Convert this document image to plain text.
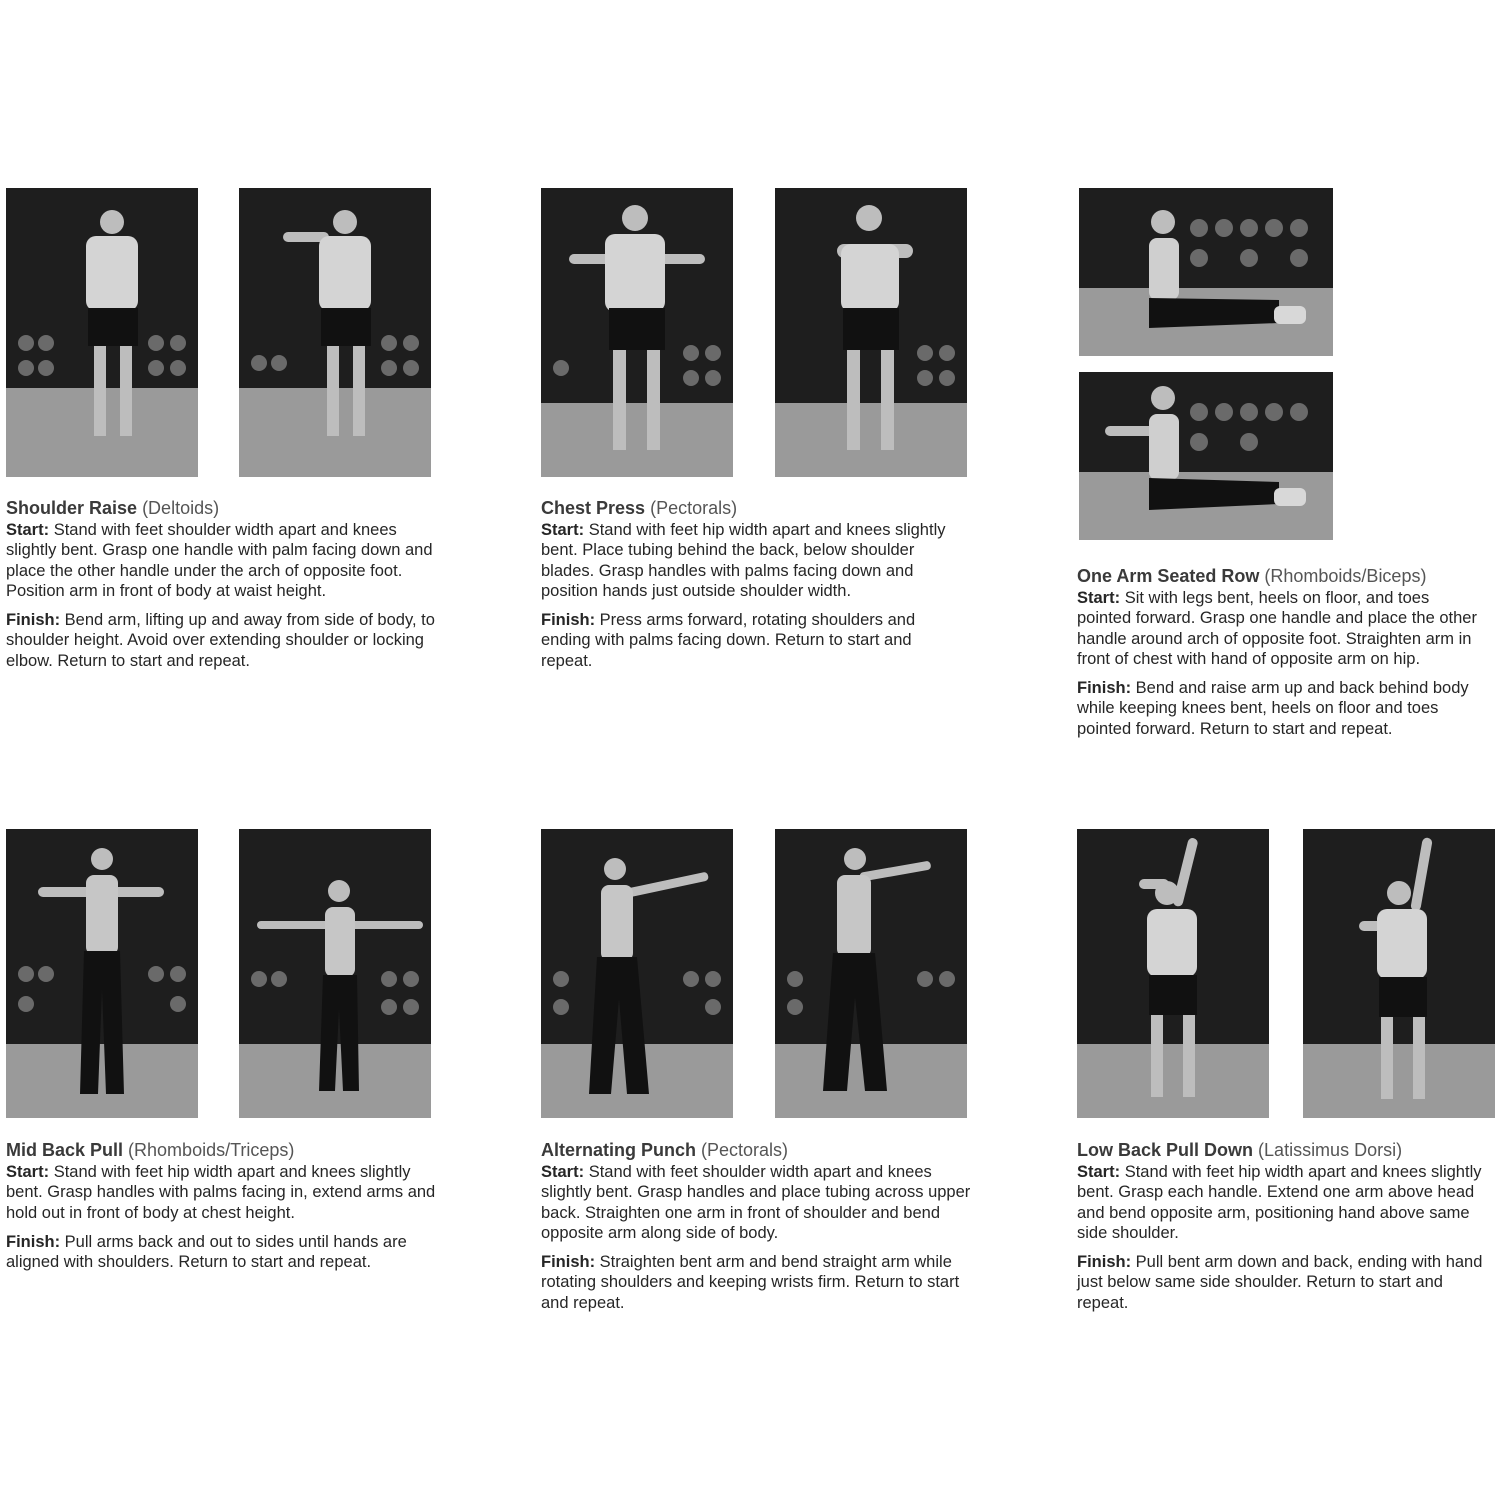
Shoulder Raise (Deltoids)

Start: Stand with feet shoulder width apart and knees slightly bent. Grasp one handle with palm facing down and place the other handle under the arch of opposite foot. Position arm in front of body at waist height.

Finish: Bend arm, lifting up and away from side of body, to shoulder height. Avoid over extending shoulder or locking elbow. Return to start and repeat.

Chest Press (Pectorals)

Start: Stand with feet hip width apart and knees slightly bent. Place tubing behind the back, below shoulder blades. Grasp handles with palms facing down and position hands just outside shoulder width.

Finish: Press arms forward, rotating shoulders and ending with palms facing down. Return to start and repeat.

One Arm Seated Row (Rhomboids/Biceps)

Start: Sit with legs bent, heels on floor, and toes pointed forward. Grasp one handle and place the other handle around arch of opposite foot. Straighten arm in front of chest with hand of opposite arm on hip.

Finish: Bend and raise arm up and back behind body while keeping knees bent, heels on floor and toes pointed forward. Return to start and repeat.

Mid Back Pull (Rhomboids/Triceps)

Start: Stand with feet hip width apart and knees slightly bent. Grasp handles with palms facing in, extend arms and hold out in front of body at chest height.

Finish: Pull arms back and out to sides until hands are aligned with shoulders. Return to start and repeat.

Alternating Punch (Pectorals)

Start: Stand with feet shoulder width apart and knees slightly bent. Grasp handles and place tubing across upper back. Straighten one arm in front of shoulder and bend opposite arm along side of body.

Finish: Straighten bent arm and bend straight arm while rotating shoulders and keeping wrists firm. Return to start and repeat.

Low Back Pull Down (Latissimus Dorsi)

Start: Stand with feet hip width apart and knees slightly bent. Grasp each handle. Extend one arm above head and bend opposite arm, positioning hand above same side shoulder.

Finish: Pull bent arm down and back, ending with hand just below same side shoulder. Return to start and repeat.
